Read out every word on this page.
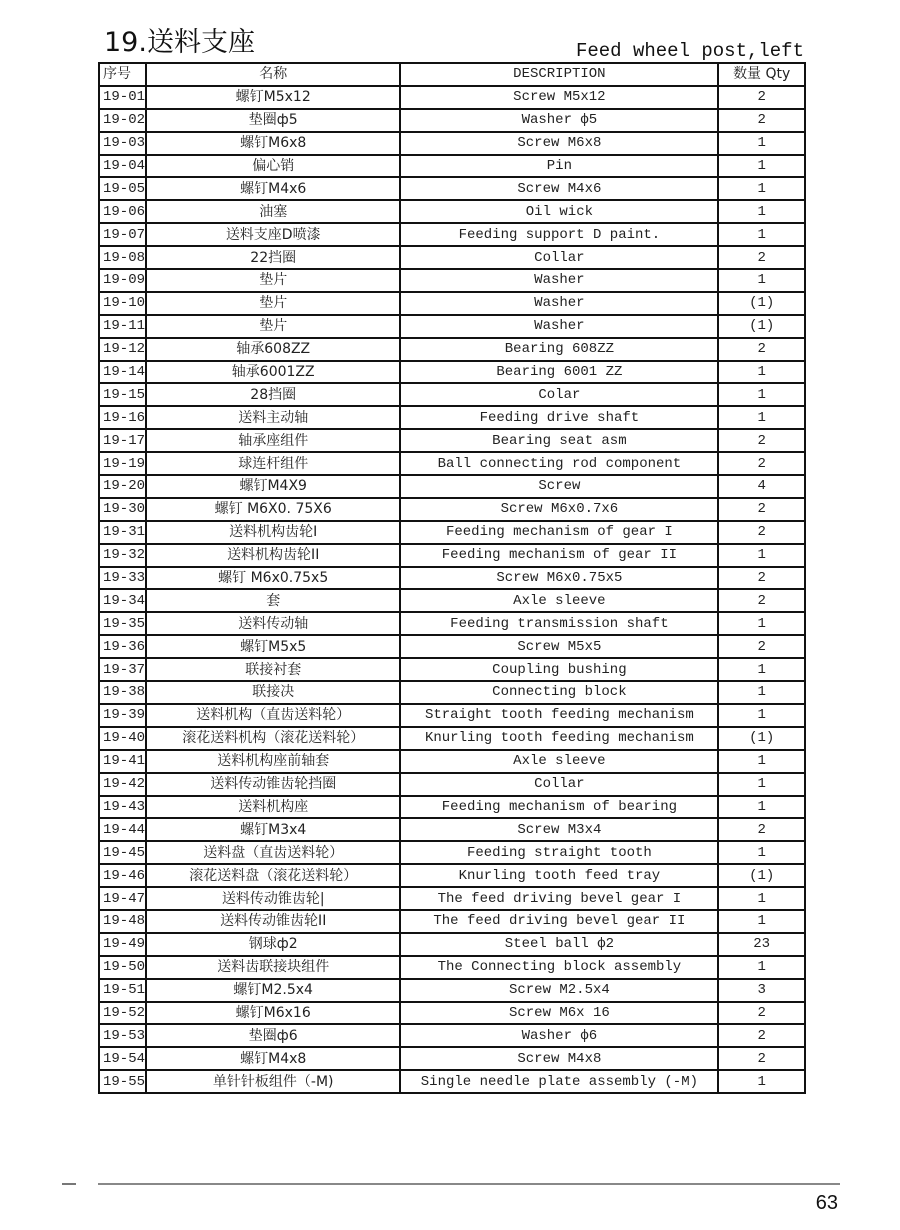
19.送料支座	Feed wheel post,left
序号	名称	DESCRIPTION	数量 Qty
19-01	螺钉M5x12	Screw M5x12	2
19-02	垫圈ф5	Washer ф5	2
19-03	螺钉M6x8	Screw M6x8	1
19-04	偏心销	Pin	1
19-05	螺钉M4x6	Screw M4x6	1
19-06	油塞	Oil wick	1
19-07	送料支座D喷漆	Feeding support D paint.	1
19-08	22挡圈	Collar	2
19-09	垫片	Washer	1
19-10	垫片	Washer	(1)
19-11	垫片	Washer	(1)
19-12	轴承608ZZ	Bearing 608ZZ	2
19-14	轴承6001ZZ	Bearing 6001 ZZ	1
19-15	28挡圈	Colar	1
19-16	送料主动轴	Feeding drive shaft	1
19-17	轴承座组件	Bearing seat asm	2
19-19	球连杆组件	Ball connecting rod component	2
19-20	螺钉M4X9	Screw	4
19-30	螺钉 M6X0. 75X6	Screw M6x0.7x6	2
19-31	送料机构齿轮I	Feeding mechanism of gear I	2
19-32	送料机构齿轮II	Feeding mechanism of gear II	1
19-33	螺钉 M6x0.75x5	Screw M6x0.75x5	2
19-34	套	Axle sleeve	2
19-35	送料传动轴	Feeding transmission shaft	1
19-36	螺钉M5x5	Screw M5x5	2
19-37	联接衬套	Coupling bushing	1
19-38	联接决	Connecting block	1
19-39	送料机构（直齿送料轮）	Straight tooth feeding mechanism	1
19-40	滚花送料机构（滚花送料轮）	Knurling tooth feeding mechanism	(1)
19-41	送料机构座前轴套	Axle sleeve	1
19-42	送料传动锥齿轮挡圈	Collar	1
19-43	送料机构座	Feeding mechanism of bearing	1
19-44	螺钉M3x4	Screw M3x4	2
19-45	送料盘（直齿送料轮）	Feeding straight tooth	1
19-46	滚花送料盘（滚花送料轮）	Knurling tooth feed tray	(1)
19-47	送料传动锥齿轮|	The feed driving bevel gear I	1
19-48	送料传动锥齿轮II	The feed driving bevel gear II	1
19-49	钢球ф2	Steel ball ф2	23
19-50	送料齿联接块组件	The Connecting block assembly	1
19-51	螺钉M2.5x4	Screw M2.5x4	3
19-52	螺钉M6x16	Screw M6x 16	2
19-53	垫圈ф6	Washer ф6	2
19-54	螺钉M4x8	Screw M4x8	2
19-55	单针针板组件（-M)	Single needle plate assembly (-M)	1
63
